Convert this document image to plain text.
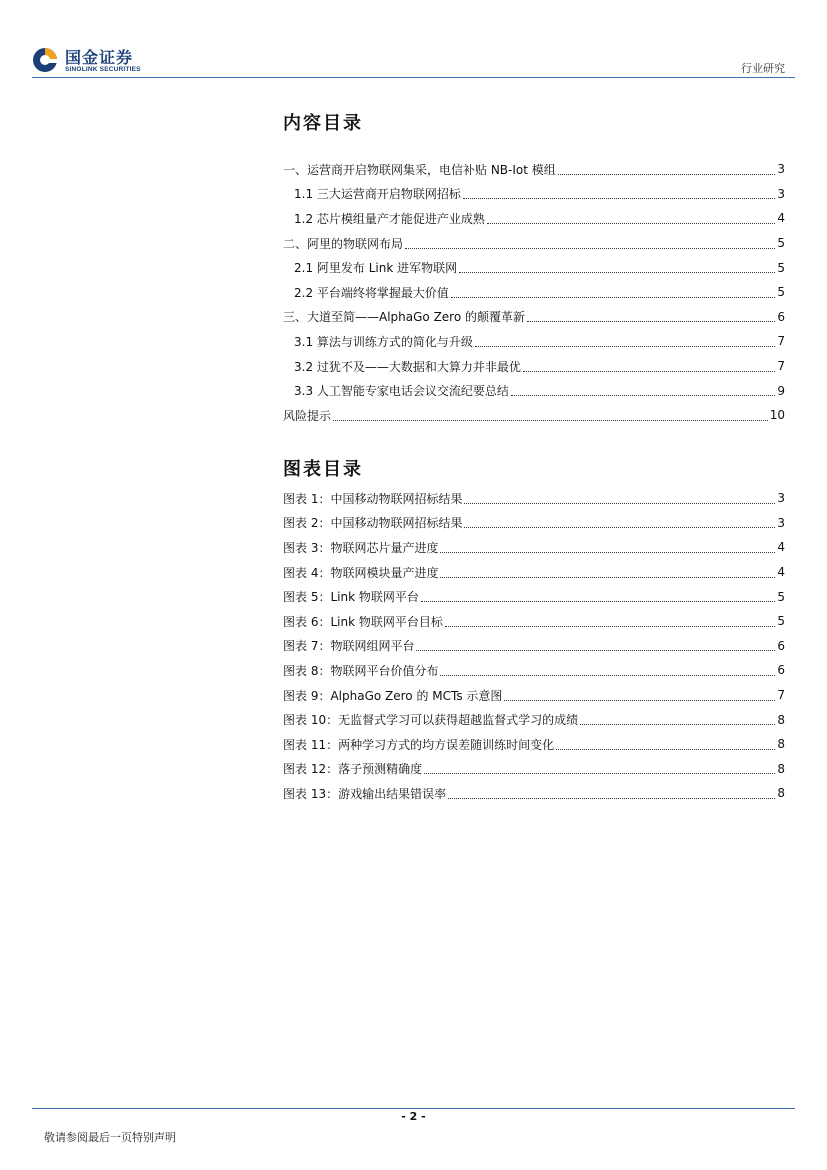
国金证券
SINOLINK SECURITIES	行业研究
内容目录
一、运营商开启物联网集采，电信补贴 NB-Iot 模组	3
1.1 三大运营商开启物联网招标	3
1.2 芯片模组量产才能促进产业成熟	4
二、阿里的物联网布局	5
2.1 阿里发布 Link 进军物联网	5
2.2 平台端终将掌握最大价值	5
三、大道至简——AlphaGo Zero 的颠覆革新	6
3.1 算法与训练方式的简化与升级	7
3.2 过犹不及——大数据和大算力并非最优	7
3.3 人工智能专家电话会议交流纪要总结	9
风险提示	10
图表目录
图表 1：中国移动物联网招标结果	3
图表 2：中国移动物联网招标结果	3
图表 3：物联网芯片量产进度	4
图表 4：物联网模块量产进度	4
图表 5：Link 物联网平台	5
图表 6：Link 物联网平台目标	5
图表 7：物联网组网平台	6
图表 8：物联网平台价值分布	6
图表 9：AlphaGo Zero 的 MCTs 示意图	7
图表 10：无监督式学习可以获得超越监督式学习的成绩	8
图表 11：两种学习方式的均方误差随训练时间变化	8
图表 12：落子预测精确度	8
图表 13：游戏输出结果错误率	8
- 2 -
敬请参阅最后一页特别声明
